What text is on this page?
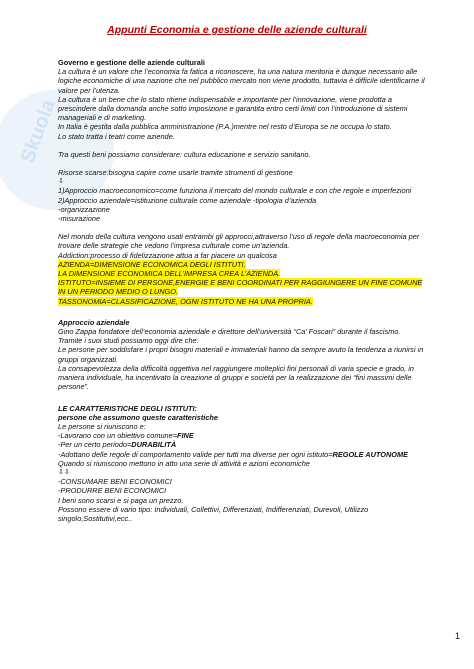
Skuola
Appunti Economia e gestione delle aziende culturali

Governo e gestione delle aziende culturali

La cultura è un valore che l’economia fa fatica a riconoscere, ha una natura meritoria è dunque necessario alle logiche economiche di una nazione che nel pubblico mercato non viene prodotto, tuttavia è difficile identificarne il valore per l’utenza.

La cultura è un bene che lo stato ritiene indispensabile e importante per l’innovazione, viene prodotta a prescindere dalla domanda anche sotto imposizione e garantita entro certi limiti con l’introduzione di sistemi manageriali e di marketing.

In Italia è gestita dalla pubblica amministrazione (P.A.)mentre nel resto d’Europa se ne occupa lo stato.

Lo stato tratta i teatri come aziende.

Tra questi beni possiamo considerare: cultura educazione e servizio sanitario.

Risorse scarse:bisogna capire come usarle tramite strumenti di gestione

⇩

1)Approccio macroeconomico=come funziona il mercato del mondo culturale e con che regole e imperfezioni

2)Approccio aziendale=istituzione culturale come aziendale -tipologia d’azienda

-organizzazione

-misurazione

Nel mondo della cultura vengono usati entrambi gli approcci,attraverso l’uso di regole della macroeconomia per trovare delle strategie che vedono l’impresa culturale come un’azienda.

Addiction:processo di fidelizzazione attua a far piacere un qualcosa

AZIENDA=DIMENSIONE ECONOMICA DEGLI ISTITUTI.

LA DIMENSIONE ECONOMICA DELL’IMPRESA CREA L’AZIENDA.

ISTITUTO=INSIEME DI PERSONE,ENERGIE E BENI COORDINATI PER RAGGIUNGERE UN FINE COMUNE IN UN PERIODO MEDIO O LUNGO.

TASSONOMIA=CLASSIFICAZIONE, OGNI ISTITUTO NE HA UNA PROPRIA.

Approccio aziendale

Gino Zappa fondatore dell’economia aziendale e direttore dell’università “Ca’ Foscari” durante il fascismo.

Tramite i suoi studi possiamo oggi dire che:

Le persone per soddisfare i propri bisogni materiali e immateriali hanno da sempre avuto la tendenza a riunirsi in gruppi organizzati.

La consapevolezza della difficoltà oggettiva nel raggiungere molteplici fini personali di varia specie e grado, in maniera individuale, ha incentivato la creazione di gruppi e società per la realizzazione dei “fini massimi delle persone”.

LE CARATTERISTICHE DEGLI ISTITUTI:

persone che assumono queste caratteristiche

Le persone si riuniscono e:

-Lavorano con un obiettivo comune=FINE

-Per un certo periodo=DURABILITÀ

-Adottano delle regole di comportamento valide per tutti ma diverse per ogni istituto=REGOLE AUTONOME

Quando si riuniscono mettono in atto una serie di attività e azioni economiche

⇩⇩

-CONSUMARE BENI ECONOMICI

-PRODURRE BENI ECONOMICI

I beni sono scarsi e si paga un prezzo.

Possono essere di vario tipo: Individuali, Collettivi, Differenziati, Indifferenziati, Durevoli, Utilizzo singolo,Sostitutivi,ecc..

1
